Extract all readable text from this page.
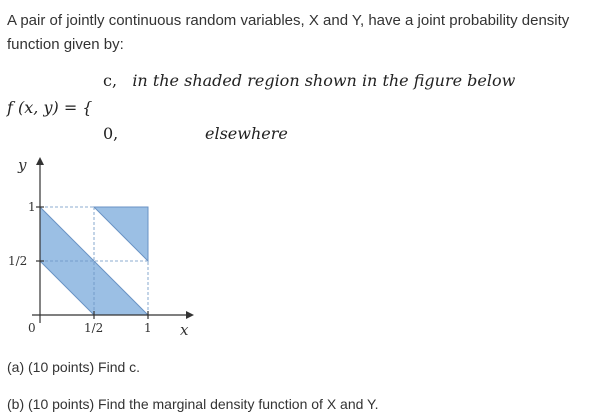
A pair of jointly continuous random variables, X and Y, have a joint probability density function given by:

f (x, y) = {
c, in the shaded region shown in the figure below
0,	elsewhere
y
x
1
1/2
0	1/2	1

(a) (10 points) Find c.

(b) (10 points) Find the marginal density function of X and Y.
